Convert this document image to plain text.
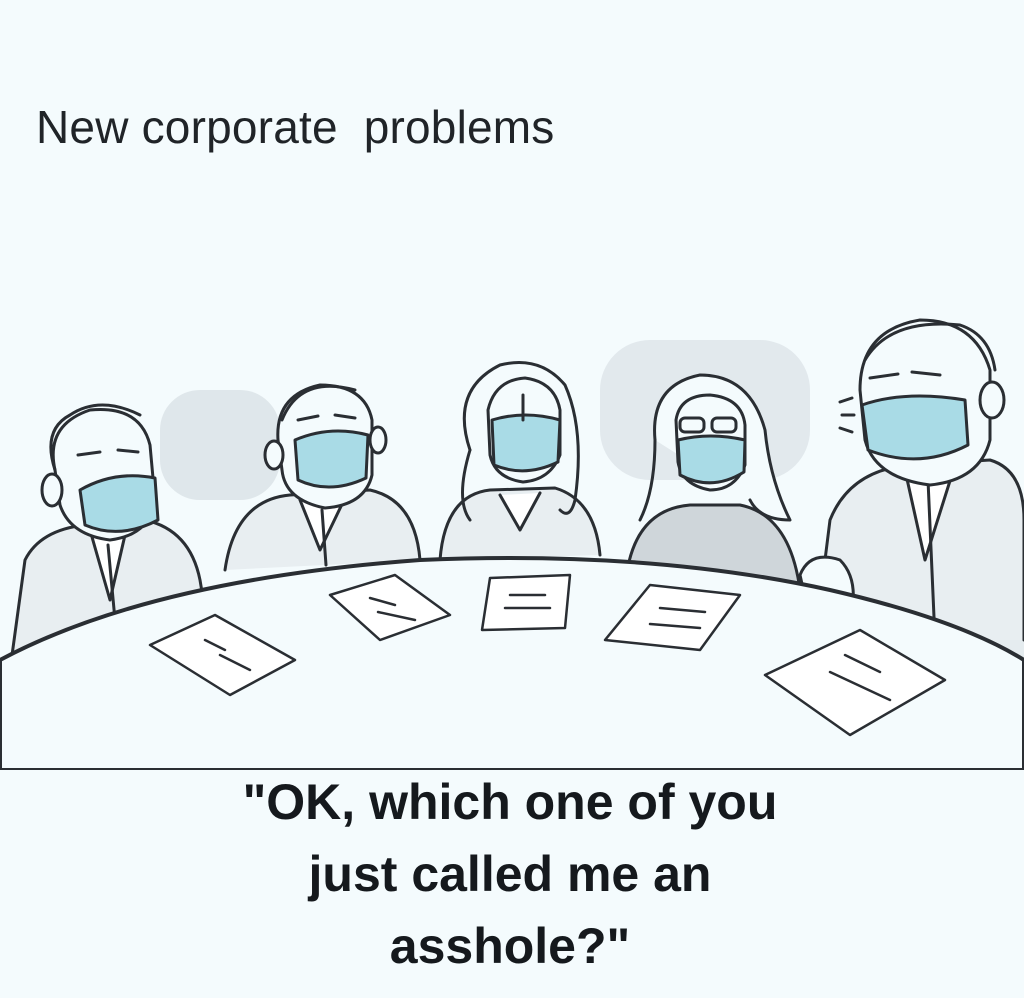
New corporate  problems

"OK, which one of you
just called me an
asshole?"
